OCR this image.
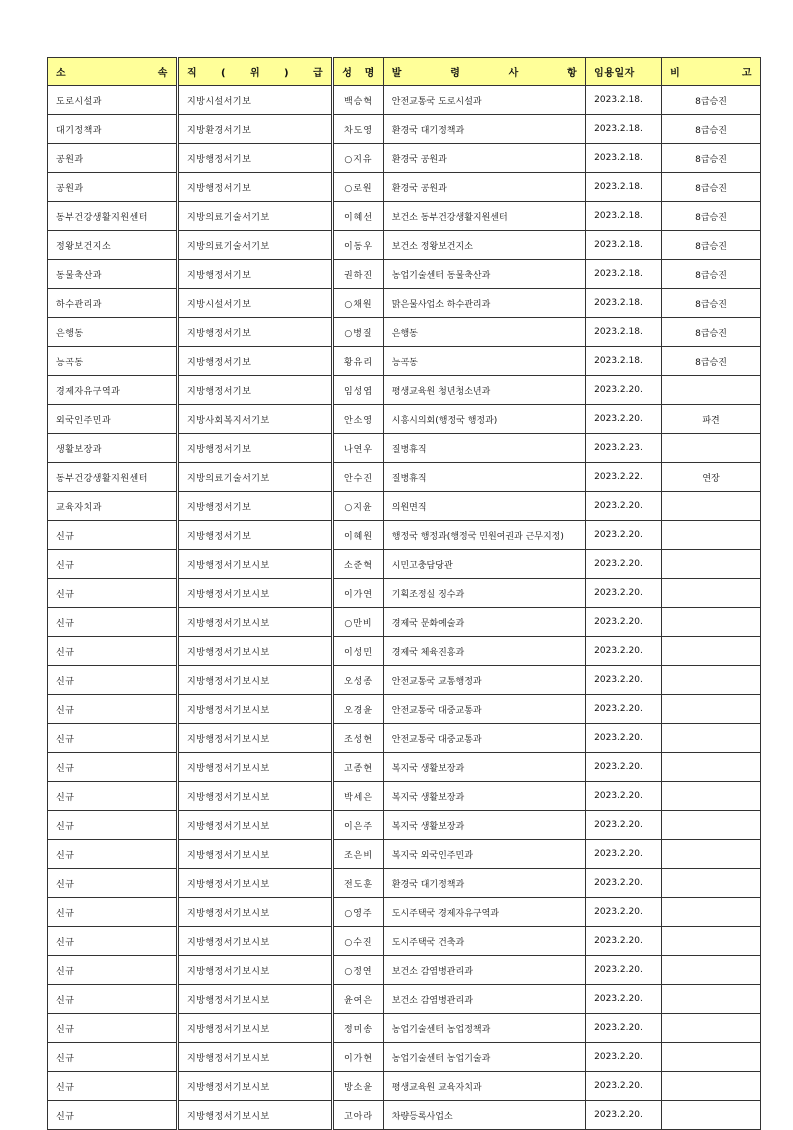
소 속	직 ( 위 ) 급	성 명	발 령 사 항	임용일자	비 고
도로시설과	지방시설서기보	백승혁	안전교통국 도로시설과	2023.2.18.	8급승진
대기정책과	지방환경서기보	차도영	환경국 대기정책과	2023.2.18.	8급승진
공원과	지방행정서기보	○지유	환경국 공원과	2023.2.18.	8급승진
공원과	지방행정서기보	○로원	환경국 공원과	2023.2.18.	8급승진
동부건강생활지원센터	지방의료기술서기보	이혜선	보건소 동부건강생활지원센터	2023.2.18.	8급승진
정왕보건지소	지방의료기술서기보	이동우	보건소 정왕보건지소	2023.2.18.	8급승진
동물축산과	지방행정서기보	권하진	농업기술센터 동물축산과	2023.2.18.	8급승진
하수관리과	지방시설서기보	○채원	맑은물사업소 하수관리과	2023.2.18.	8급승진
은행동	지방행정서기보	○병질	은행동	2023.2.18.	8급승진
능곡동	지방행정서기보	황유리	능곡동	2023.2.18.	8급승진
경제자유구역과	지방행정서기보	임성엽	평생교육원 청년청소년과	2023.2.20.	
외국인주민과	지방사회복지서기보	안소영	시흥시의회(행정국 행정과)	2023.2.20.	파견
생활보장과	지방행정서기보	나연우	질병휴직	2023.2.23.	
동부건강생활지원센터	지방의료기술서기보	안수진	질병휴직	2023.2.22.	연장
교육자치과	지방행정서기보	○지윤	의원면직	2023.2.20.	
신규	지방행정서기보	이혜원	행정국 행정과(행정국 민원여권과 근무지정)	2023.2.20.	
신규	지방행정서기보시보	소준혁	시민고충담당관	2023.2.20.	
신규	지방행정서기보시보	이가연	기획조정실 징수과	2023.2.20.	
신규	지방행정서기보시보	○만비	경제국 문화예술과	2023.2.20.	
신규	지방행정서기보시보	이성민	경제국 체육진흥과	2023.2.20.	
신규	지방행정서기보시보	오성종	안전교통국 교통행정과	2023.2.20.	
신규	지방행정서기보시보	오경윤	안전교통국 대중교통과	2023.2.20.	
신규	지방행정서기보시보	조성현	안전교통국 대중교통과	2023.2.20.	
신규	지방행정서기보시보	고종현	복지국 생활보장과	2023.2.20.	
신규	지방행정서기보시보	박세은	복지국 생활보장과	2023.2.20.	
신규	지방행정서기보시보	이은주	복지국 생활보장과	2023.2.20.	
신규	지방행정서기보시보	조은비	복지국 외국인주민과	2023.2.20.	
신규	지방행정서기보시보	전도훈	환경국 대기정책과	2023.2.20.	
신규	지방행정서기보시보	○영주	도시주택국 경제자유구역과	2023.2.20.	
신규	지방행정서기보시보	○수진	도시주택국 건축과	2023.2.20.	
신규	지방행정서기보시보	○정연	보건소 감염병관리과	2023.2.20.	
신규	지방행정서기보시보	윤여은	보건소 감염병관리과	2023.2.20.	
신규	지방행정서기보시보	정미송	농업기술센터 농업정책과	2023.2.20.	
신규	지방행정서기보시보	이가현	농업기술센터 농업기술과	2023.2.20.	
신규	지방행정서기보시보	방소윤	평생교육원 교육자치과	2023.2.20.	
신규	지방행정서기보시보	고아라	차량등록사업소	2023.2.20.	
